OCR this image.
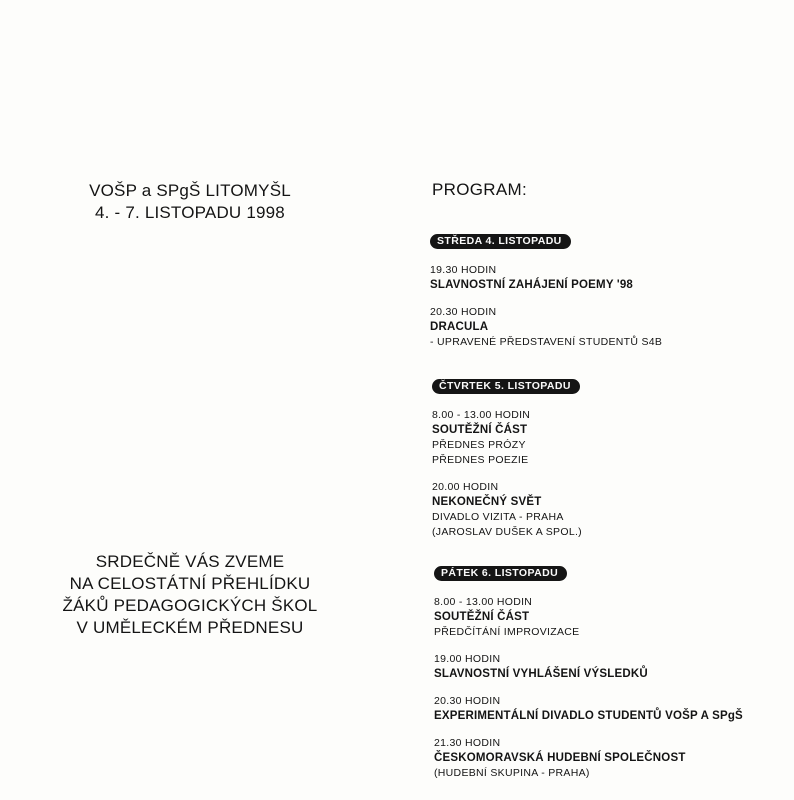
VOŠP a SPgŠ LITOMYŠL
4. - 7. LISTOPADU 1998
SRDEČNĚ VÁS ZVEME
NA CELOSTÁTNÍ PŘEHLÍDKU
ŽÁKŮ PEDAGOGICKÝCH ŠKOL
V UMĚLECKÉM PŘEDNESU
PROGRAM:
STŘEDA 4. LISTOPADU
19.30 HODIN
SLAVNOSTNÍ ZAHÁJENÍ POEMY '98
20.30 HODIN
DRACULA
- UPRAVENÉ PŘEDSTAVENÍ STUDENTŮ S4B
ČTVRTEK 5. LISTOPADU
8.00 - 13.00 HODIN
SOUTĚŽNÍ ČÁST
PŘEDNES PRÓZY
PŘEDNES POEZIE
20.00 HODIN
NEKONEČNÝ SVĚT
DIVADLO VIZITA - PRAHA
(JAROSLAV DUŠEK A SPOL.)
PÁTEK 6. LISTOPADU
8.00 - 13.00 HODIN
SOUTĚŽNÍ ČÁST
PŘEDČÍTÁNÍ IMPROVIZACE
19.00 HODIN
SLAVNOSTNÍ VYHLÁŠENÍ VÝSLEDKŮ
20.30 HODIN
EXPERIMENTÁLNÍ DIVADLO STUDENTŮ VOŠP A SPgŠ
21.30 HODIN
ČESKOMORAVSKÁ HUDEBNÍ SPOLEČNOST
(HUDEBNÍ SKUPINA - PRAHA)
